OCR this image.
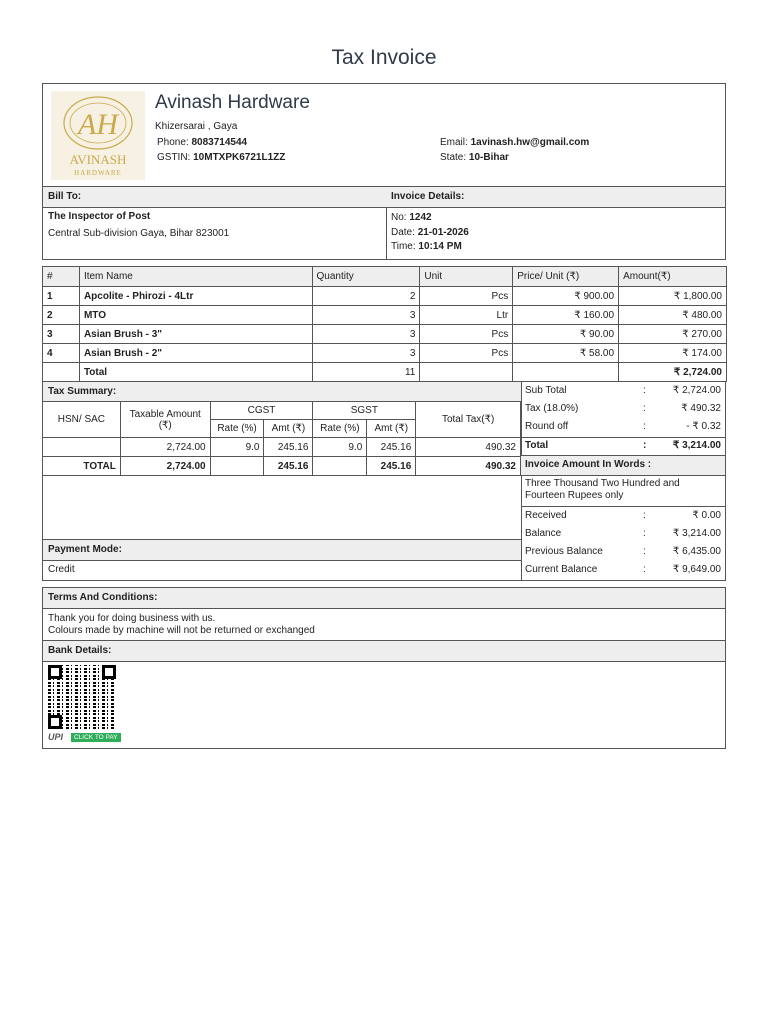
Tax Invoice
AH
AVINASH
HARDWARE
Avinash Hardware
Khizersarai , Gaya
Phone: 8083714544
GSTIN: 10MTXPK6721L1ZZ
Email: 1avinash.hw@gmail.com
State: 10-Bihar
Bill To:
The Inspector of Post
Central Sub-division Gaya, Bihar 823001
Invoice Details:
No: 1242
Date: 21-01-2026
Time: 10:14 PM
#	Item Name	Quantity	Unit	Price/ Unit (₹)	Amount(₹)
1	Apcolite - Phirozi - 4Ltr	2	Pcs	₹ 900.00	₹ 1,800.00
2	MTO	3	Ltr	₹ 160.00	₹ 480.00
3	Asian Brush - 3"	3	Pcs	₹ 90.00	₹ 270.00
4	Asian Brush - 2"	3	Pcs	₹ 58.00	₹ 174.00
	Total	11			₹ 2,724.00
Tax Summary:
HSN/ SAC	Taxable Amount (₹)	CGST		SGST		Total Tax(₹)
		Rate (%)	Amt (₹)	Rate (%)	Amt (₹)	
	2,724.00	9.0	245.16	9.0	245.16	490.32
TOTAL	2,724.00		245.16		245.16	490.32
Payment Mode:
Credit
Sub Total	:	₹ 2,724.00
Tax (18.0%)	:	₹ 490.32
Round off	:	- ₹ 0.32
Total	:	₹ 3,214.00
Invoice Amount In Words :
Three Thousand Two Hundred and Fourteen Rupees only
Received	:	₹ 0.00
Balance	:	₹ 3,214.00
Previous Balance	:	₹ 6,435.00
Current Balance	:	₹ 9,649.00
Terms And Conditions:
Thank you for doing business with us.
Colours made by machine will not be returned or exchanged
Bank Details:
UPI	CLICK TO PAY
